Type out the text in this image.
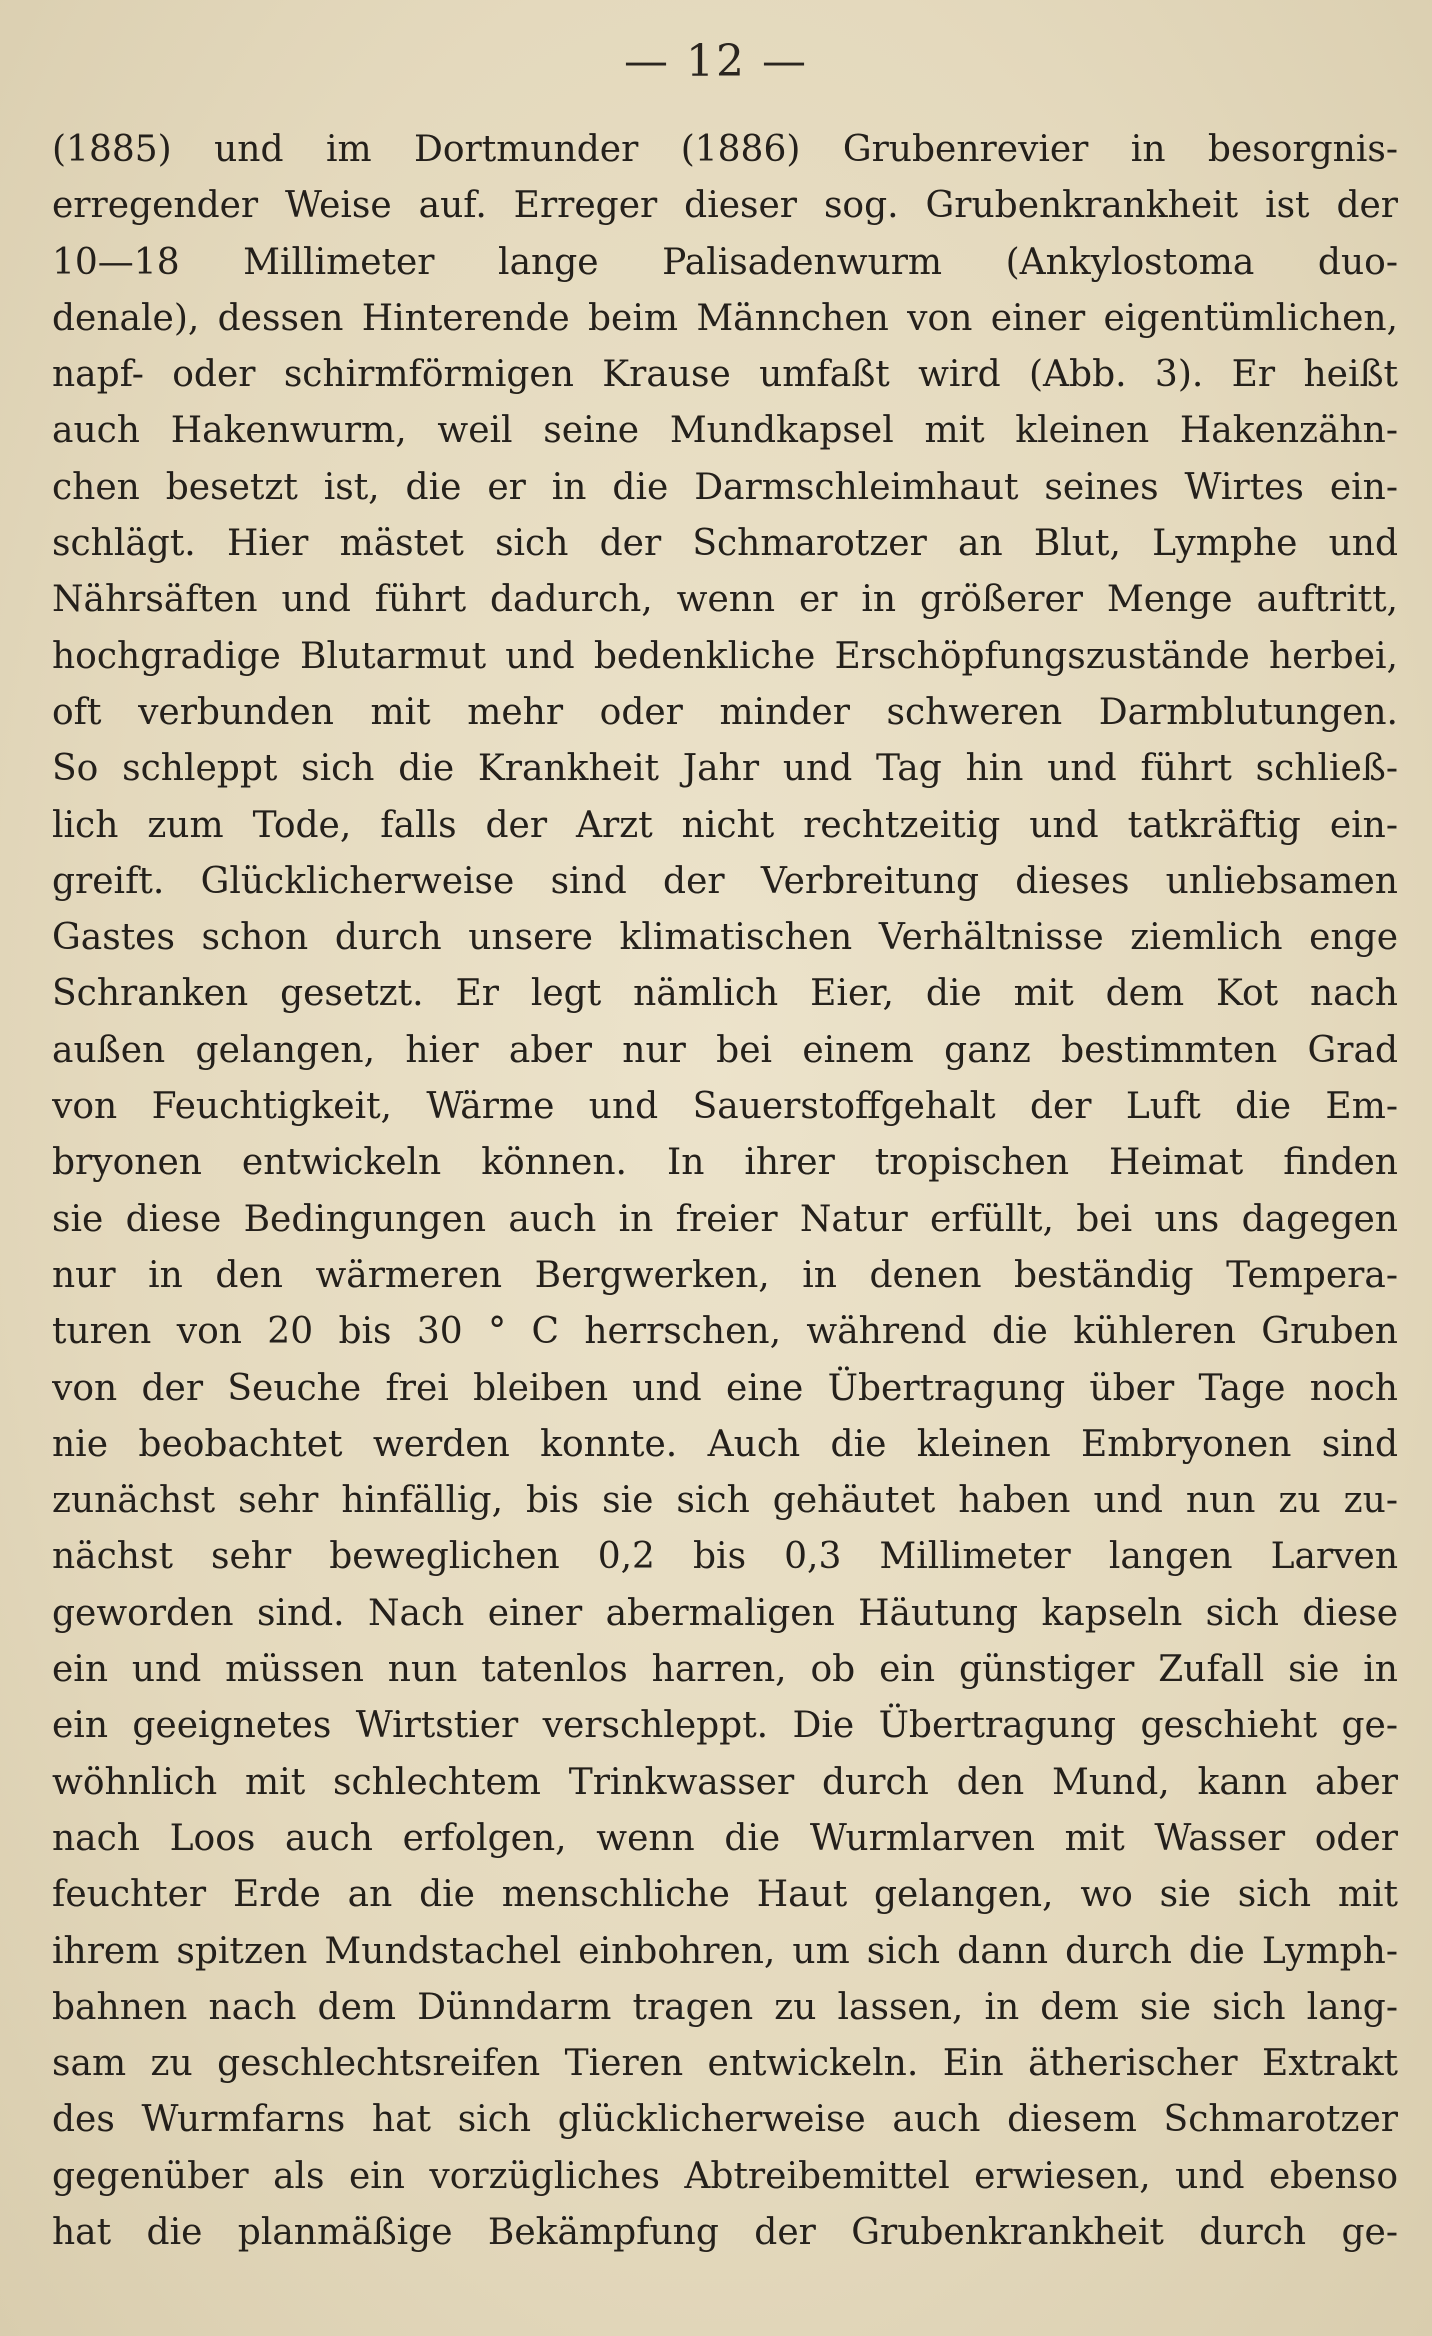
— 12 —
(1885) und im Dortmunder (1886) Grubenrevier in besorgnis-
erregender Weise auf. Erreger dieser sog. Grubenkrankheit ist der
10—18 Millimeter lange Palisadenwurm (Ankylostoma duo-
denale), dessen Hinterende beim Männchen von einer eigentümlichen,
napf- oder schirmförmigen Krause umfaßt wird (Abb. 3). Er heißt
auch Hakenwurm, weil seine Mundkapsel mit kleinen Hakenzähn-
chen besetzt ist, die er in die Darmschleimhaut seines Wirtes ein-
schlägt. Hier mästet sich der Schmarotzer an Blut, Lymphe und
Nährsäften und führt dadurch, wenn er in größerer Menge auftritt,
hochgradige Blutarmut und bedenkliche Erschöpfungszustände herbei,
oft verbunden mit mehr oder minder schweren Darmblutungen.
So schleppt sich die Krankheit Jahr und Tag hin und führt schließ-
lich zum Tode, falls der Arzt nicht rechtzeitig und tatkräftig ein-
greift. Glücklicherweise sind der Verbreitung dieses unliebsamen
Gastes schon durch unsere klimatischen Verhältnisse ziemlich enge
Schranken gesetzt. Er legt nämlich Eier, die mit dem Kot nach
außen gelangen, hier aber nur bei einem ganz bestimmten Grad
von Feuchtigkeit, Wärme und Sauerstoffgehalt der Luft die Em-
bryonen entwickeln können. In ihrer tropischen Heimat finden
sie diese Bedingungen auch in freier Natur erfüllt, bei uns dagegen
nur in den wärmeren Bergwerken, in denen beständig Tempera-
turen von 20 bis 30 ° C herrschen, während die kühleren Gruben
von der Seuche frei bleiben und eine Übertragung über Tage noch
nie beobachtet werden konnte. Auch die kleinen Embryonen sind
zunächst sehr hinfällig, bis sie sich gehäutet haben und nun zu zu-
nächst sehr beweglichen 0,2 bis 0,3 Millimeter langen Larven
geworden sind. Nach einer abermaligen Häutung kapseln sich diese
ein und müssen nun tatenlos harren, ob ein günstiger Zufall sie in
ein geeignetes Wirtstier verschleppt. Die Übertragung geschieht ge-
wöhnlich mit schlechtem Trinkwasser durch den Mund, kann aber
nach Loos auch erfolgen, wenn die Wurmlarven mit Wasser oder
feuchter Erde an die menschliche Haut gelangen, wo sie sich mit
ihrem spitzen Mundstachel einbohren, um sich dann durch die Lymph-
bahnen nach dem Dünndarm tragen zu lassen, in dem sie sich lang-
sam zu geschlechtsreifen Tieren entwickeln. Ein ätherischer Extrakt
des Wurmfarns hat sich glücklicherweise auch diesem Schmarotzer
gegenüber als ein vorzügliches Abtreibemittel erwiesen, und ebenso
hat die planmäßige Bekämpfung der Grubenkrankheit durch ge-
